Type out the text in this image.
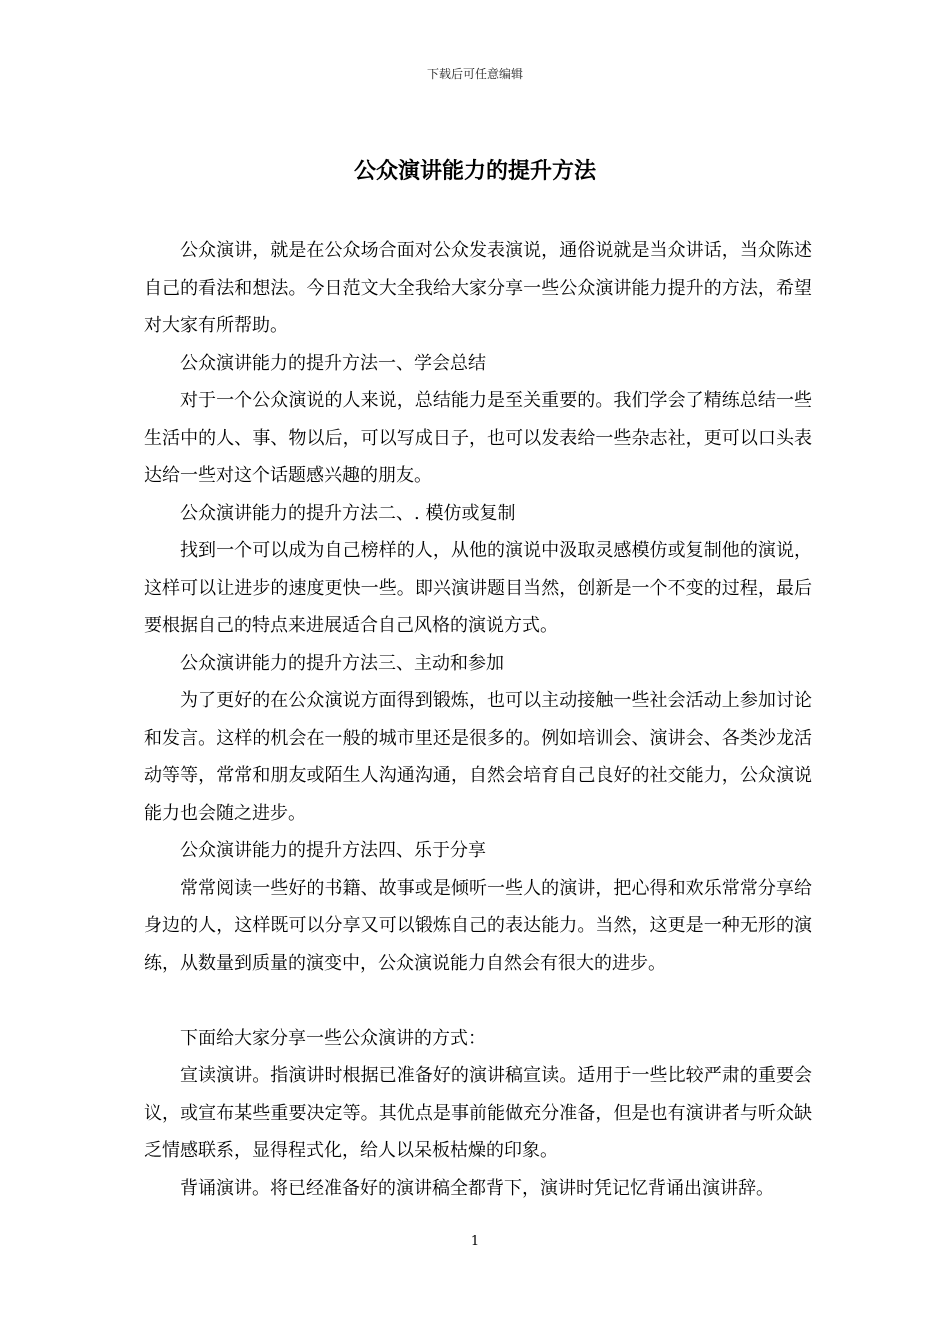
下载后可任意编辑
公众演讲能力的提升方法

公众演讲，就是在公众场合面对公众发表演说，通俗说就是当众讲话，当众陈述自己的看法和想法。今日范文大全我给大家分享一些公众演讲能力提升的方法，希望对大家有所帮助。

公众演讲能力的提升方法一、学会总结

对于一个公众演说的人来说，总结能力是至关重要的。我们学会了精练总结一些生活中的人、事、物以后，可以写成日子，也可以发表给一些杂志社，更可以口头表达给一些对这个话题感兴趣的朋友。

公众演讲能力的提升方法二、. 模仿或复制

找到一个可以成为自己榜样的人，从他的演说中汲取灵感模仿或复制他的演说，这样可以让进步的速度更快一些。即兴演讲题目当然，创新是一个不变的过程，最后要根据自己的特点来进展适合自己风格的演说方式。

公众演讲能力的提升方法三、主动和参加

为了更好的在公众演说方面得到锻炼，也可以主动接触一些社会活动上参加讨论和发言。这样的机会在一般的城市里还是很多的。例如培训会、演讲会、各类沙龙活动等等，常常和朋友或陌生人沟通沟通，自然会培育自己良好的社交能力，公众演说能力也会随之进步。

公众演讲能力的提升方法四、乐于分享

常常阅读一些好的书籍、故事或是倾听一些人的演讲，把心得和欢乐常常分享给身边的人，这样既可以分享又可以锻炼自己的表达能力。当然，这更是一种无形的演练，从数量到质量的演变中，公众演说能力自然会有很大的进步。

下面给大家分享一些公众演讲的方式：

宣读演讲。指演讲时根据已准备好的演讲稿宣读。适用于一些比较严肃的重要会议，或宣布某些重要决定等。其优点是事前能做充分准备，但是也有演讲者与听众缺乏情感联系，显得程式化，给人以呆板枯燥的印象。

背诵演讲。将已经准备好的演讲稿全都背下，演讲时凭记忆背诵出演讲辞。

1
